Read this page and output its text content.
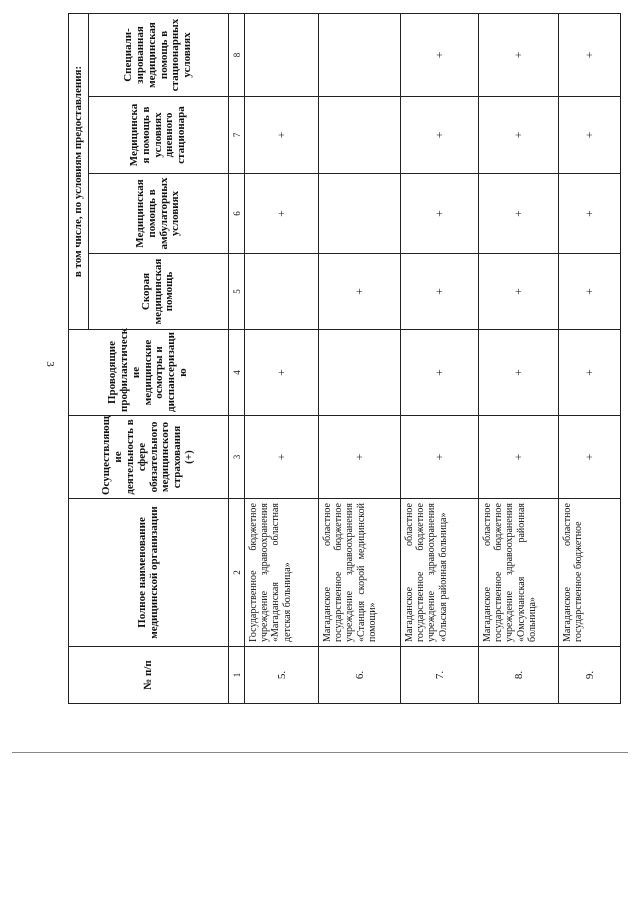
3
№ п/п	Полное наименование медицинской организации	Осуществляющ ие деятельность в сфере обязательного медицинского страхования (+)	Проводящие профилактическ ие медицинские осмотры и диспансеризаци ю	в том числе, по условиям предоставления:			
				Скорая медицинская помощь	Медицинская помощь в амбулаторных условиях	Медицинска я помощь в условиях дневного стационара	Специали- зированная медицинская помощь в стационарных условиях
1	2	3	4	5	6	7	8
5.	Государственное бюджетное учреждение здравоохранения «Магаданская областная детская больница»	+	+		+	+	
6.	Магаданское областное государственное бюджетное учреждение здравоохранения «Станция скорой медицинской помощи»	+		+			
7.	Магаданское областное государственное бюджетное учреждение здравоохранения «Ольская районная больница»	+	+	+	+	+	+
8.	Магаданское областное государственное бюджетное учреждение здравоохранения «Омсукчанская районная больница»	+	+	+	+	+	+
9.	Магаданское областное государственное бюджетное	+	+	+	+	+	+
